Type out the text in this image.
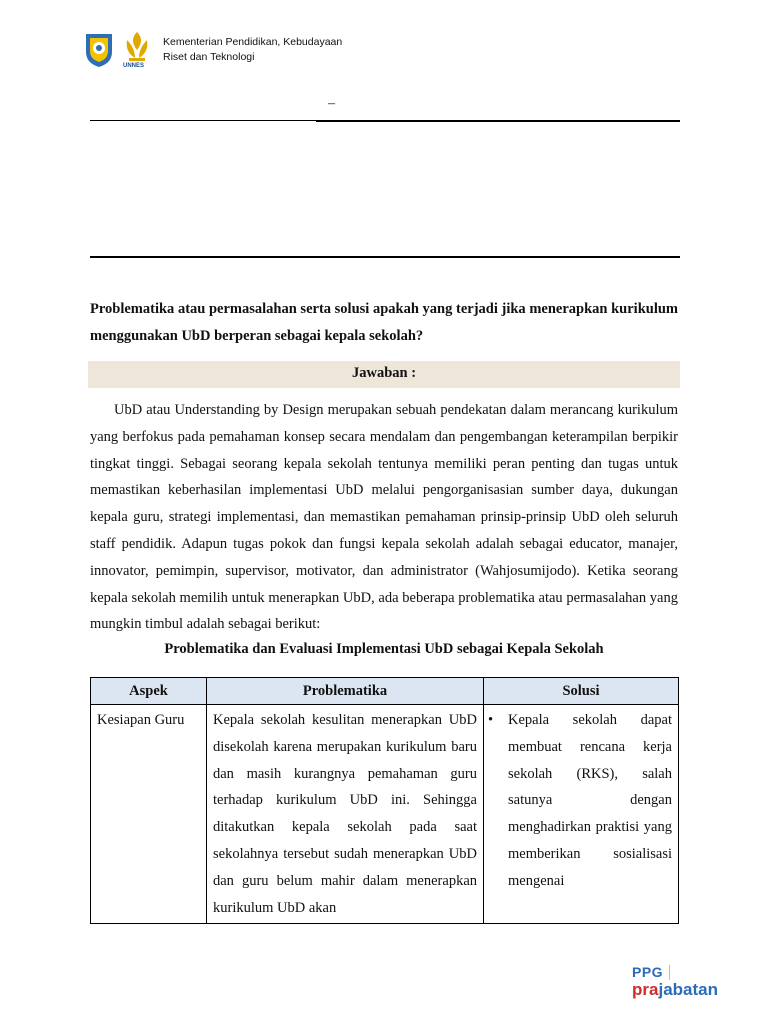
UNNES
Kementerian Pendidikan, Kebudayaan
Riset dan Teknologi
–
Problematika atau permasalahan serta solusi apakah yang terjadi jika menerapkan kurikulum menggunakan UbD berperan sebagai kepala sekolah?
Jawaban :

UbD atau Understanding by Design merupakan sebuah pendekatan dalam merancang kurikulum yang berfokus pada pemahaman konsep secara mendalam dan pengembangan keterampilan berpikir tingkat tinggi. Sebagai seorang kepala sekolah tentunya memiliki peran penting dan tugas untuk memastikan keberhasilan implementasi UbD melalui pengorganisasian sumber daya, dukungan kepala guru, strategi implementasi, dan memastikan pemahaman prinsip-prinsip UbD oleh seluruh staff pendidik. Adapun tugas pokok dan fungsi kepala sekolah adalah sebagai educator, manajer, innovator, pemimpin, supervisor, motivator, dan administrator (Wahjosumijodo). Ketika seorang kepala sekolah memilih untuk menerapkan UbD, ada beberapa problematika atau permasalahan yang mungkin timbul adalah sebagai berikut:

Problematika dan Evaluasi Implementasi UbD sebagai Kepala Sekolah
Aspek	Problematika	Solusi
Kesiapan Guru	Kepala sekolah kesulitan menerapkan UbD disekolah karena merupakan kurikulum baru dan masih kurangnya pemahaman guru terhadap kurikulum UbD ini. Sehingga ditakutkan kepala sekolah pada saat sekolahnya tersebut sudah menerapkan UbD dan guru belum mahir dalam menerapkan kurikulum UbD akan	• Kepala sekolah dapat membuat rencana kerja sekolah (RKS), salah satunya dengan menghadirkan praktisi yang memberikan sosialisasi mengenai
PPG

prajabatan
